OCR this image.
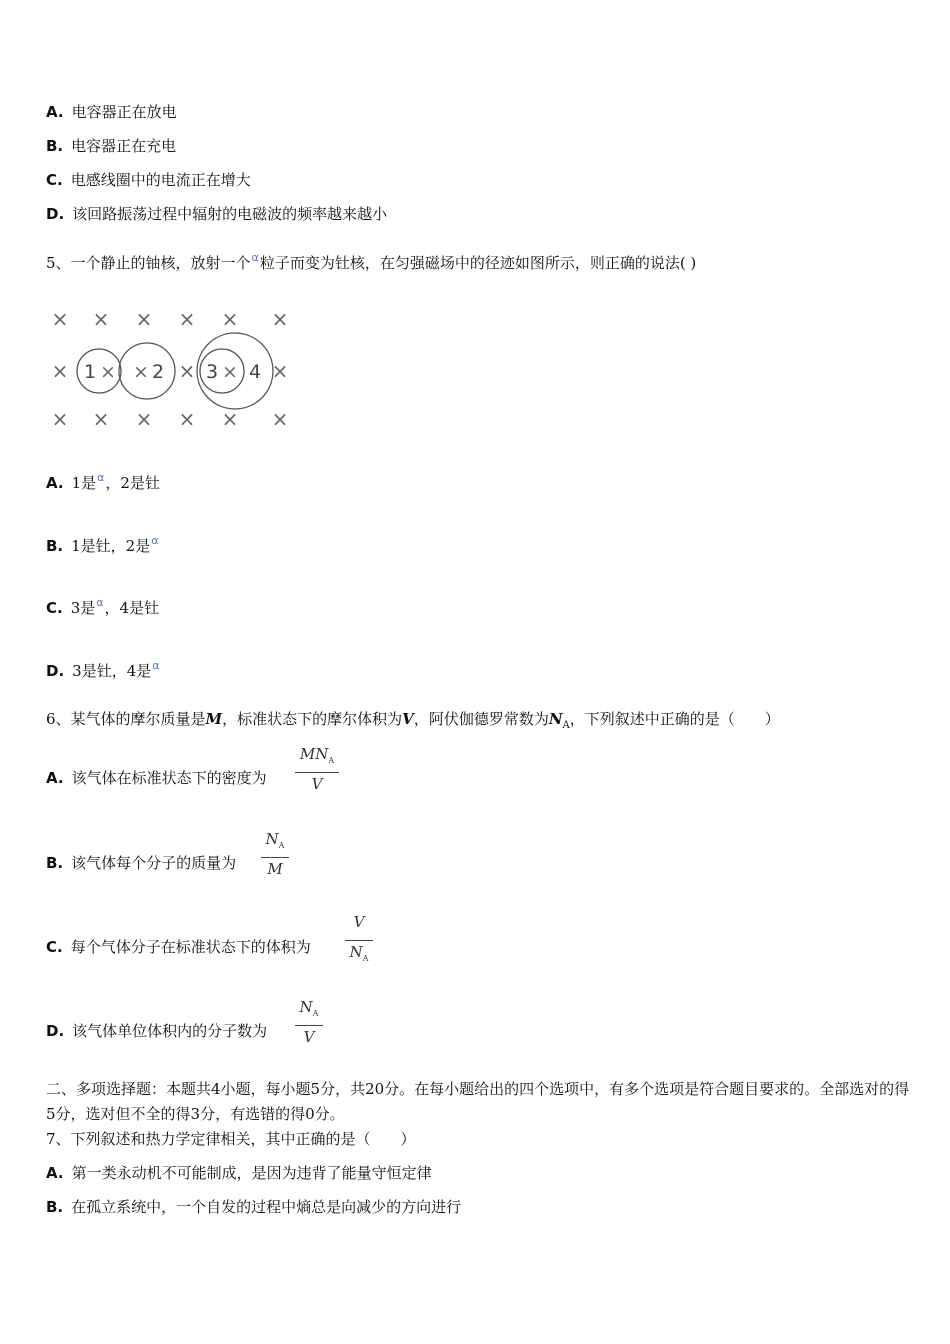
A. 电容器正在放电
B. 电容器正在充电
C. 电感线圈中的电流正在增大
D. 该回路振荡过程中辐射的电磁波的频率越来越小
5、一个静止的铀核，放射一个$^\alpha$粒子而变为钍核，在匀强磁场中的径迹如图所示，则正确的说法( )
× × × × × ×
×	×	×
× × × × × ×
1 × × 2 3 × 4
A. 1是$^\alpha$，2是钍
B. 1是钍，2是$^\alpha$
C. 3是$^\alpha$，4是钍
D. 3是钍，4是$^\alpha$
6、某气体的摩尔质量是M，标准状态下的摩尔体积为V，阿伏伽德罗常数为$N_A$，下列叙述中正确的是（　　）
A. 该气体在标准状态下的密度为
$MN_A$
V
B. 该气体每个分子的质量为
$N_A$
M
C. 每个气体分子在标准状态下的体积为
V
$N_A$
D. 该气体单位体积内的分子数为
$N_A$
V
二、多项选择题：本题共4小题，每小题5分，共20分。在每小题给出的四个选项中，有多个选项是符合题目要求的。全部选对的得5分，选对但不全的得3分，有选错的得0分。
7、下列叙述和热力学定律相关，其中正确的是（　　）
A. 第一类永动机不可能制成，是因为违背了能量守恒定律
B. 在孤立系统中，一个自发的过程中熵总是向减少的方向进行
